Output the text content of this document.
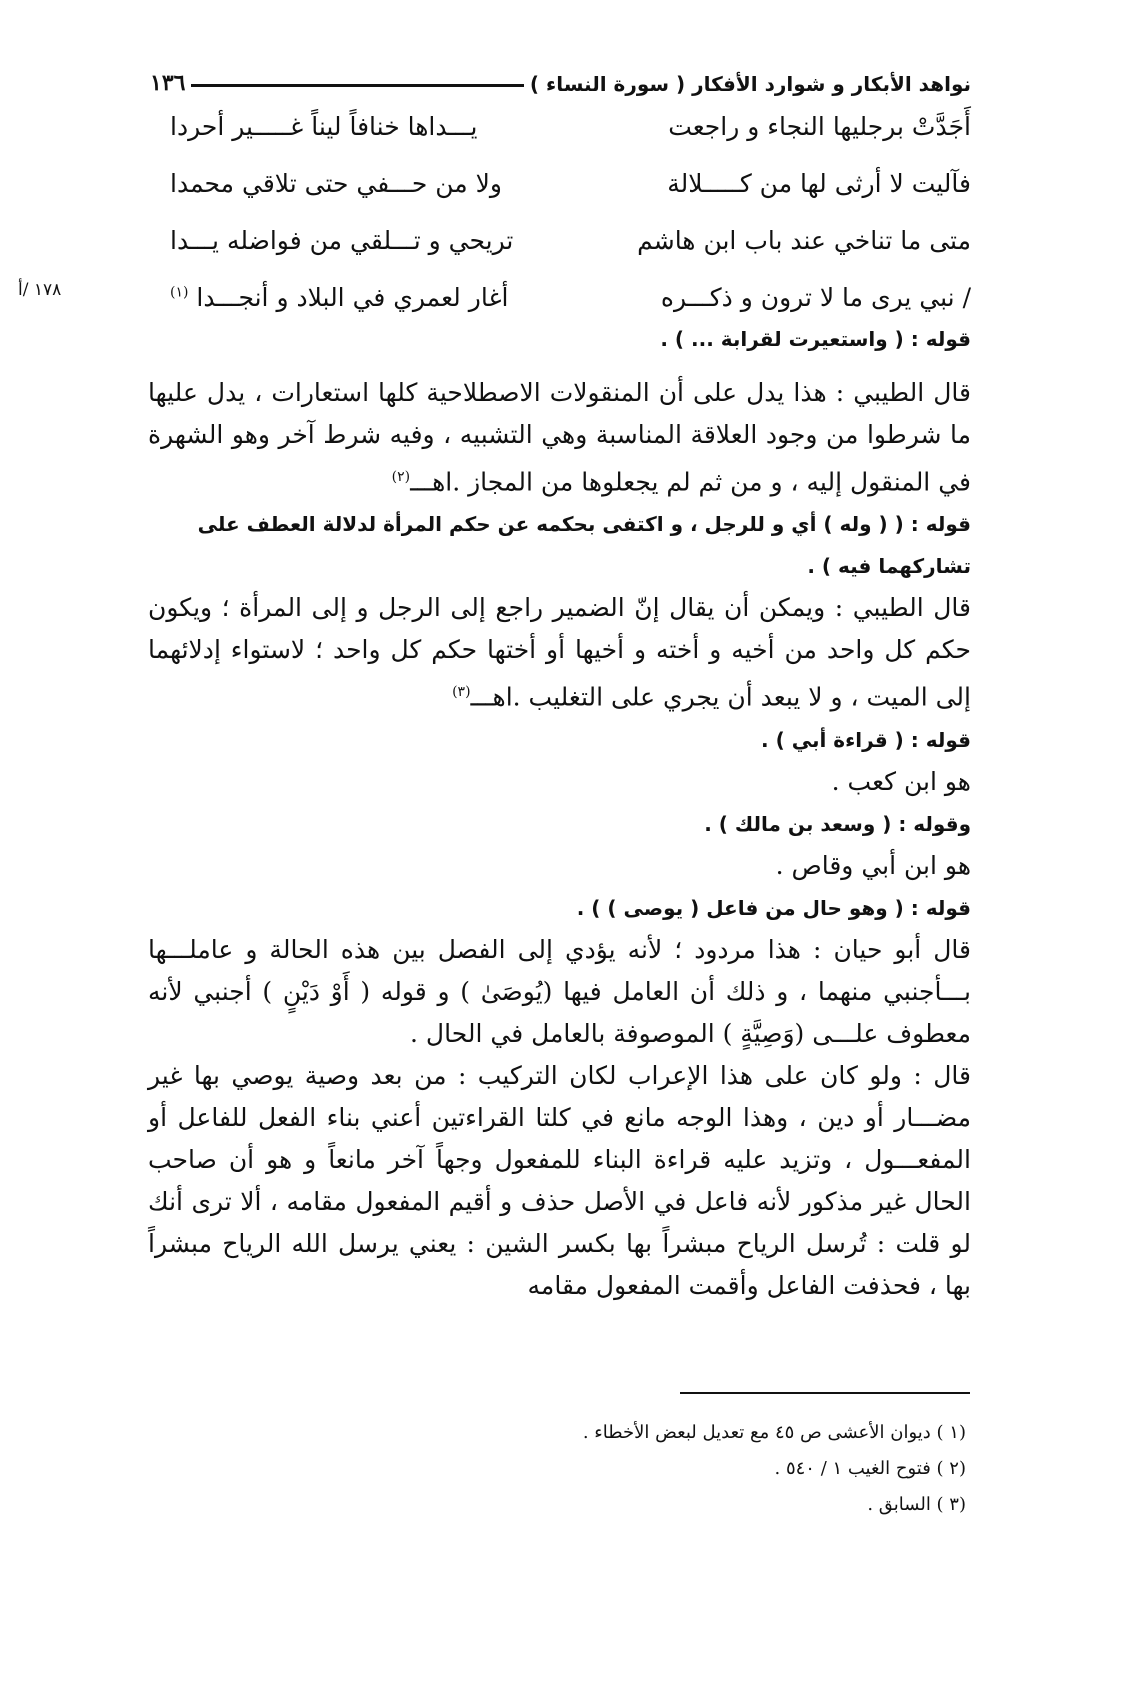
نواهد الأبكار و شوارد الأفكار ( سورة النساء )
١٣٦
١٧٨ /أ
أَجَدَّتْ برجليها النجاء و راجعت
يـــداها خنافاً ليناً غـــــير أحردا
فآليت لا أرثى لها من كـــــلالة
ولا من حـــفي حتى تلاقي محمدا
متى ما تناخي عند باب ابن هاشم
تريحي و تـــلقي من فواضله يـــدا
/ نبي يرى ما لا ترون و ذكـــره
أغار لعمري في البلاد و أنجـــدا $^{(١)}$
قوله : ( واستعيرت لقرابة ... ) .

قال الطيبي : هذا يدل على أن المنقولات الاصطلاحية كلها استعارات ، يدل عليها ما شرطوا من وجود العلاقة المناسبة وهي التشبيه ، وفيه شرط آخر وهو الشهرة في المنقول إليه ، و من ثم لم يجعلوها من المجاز .اهـــ$^{(٢)}$

قوله : ( ( وله ) أي و للرجل ، و اكتفى بحكمه عن حكم المرأة لدلالة العطف على تشاركهما فيه ) .

قال الطيبي : ويمكن أن يقال إنّ الضمير راجع إلى الرجل و إلى المرأة ؛ ويكون حكم كل واحد من أخيه و أخته و أخيها أو أختها حكم كل واحد ؛ لاستواء إدلائهما إلى الميت ، و لا يبعد أن يجري على التغليب .اهـــ$^{(٣)}$

قوله : ( قراءة أبي ) .

هو ابن كعب .

وقوله : ( وسعد بن مالك ) .

هو ابن أبي وقاص .

قوله : ( وهو حال من فاعل ( يوصى ) ) .

قال أبو حيان : هذا مردود ؛ لأنه يؤدي إلى الفصل بين هذه الحالة و عاملـــها بـــأجنبي منهما ، و ذلك أن العامل فيها (يُوصَىٰ ) و قوله ( أَوْ دَيْنٍ ) أجنبي لأنه معطوف علـــى (وَصِيَّةٍ ) الموصوفة بالعامل في الحال .

قال : ولو كان على هذا الإعراب لكان التركيب : من بعد وصية يوصي بها غير مضـــار أو دين ، وهذا الوجه مانع في كلتا القراءتين أعني بناء الفعل للفاعل أو المفعـــول ، وتزيد عليه قراءة البناء للمفعول وجهاً آخر مانعاً و هو أن صاحب الحال غير مذكور لأنه فاعل في الأصل حذف و أقيم المفعول مقامه ، ألا ترى أنك لو قلت : تُرسل الرياح مبشراً بها بكسر الشين : يعني يرسل الله الرياح مبشراً بها ، فحذفت الفاعل وأقمت المفعول مقامه

(١ ) ديوان الأعشى ص ٤٥ مع تعديل لبعض الأخطاء .
(٢ ) فتوح الغيب ١ / ٥٤٠ .
(٣ ) السابق .
